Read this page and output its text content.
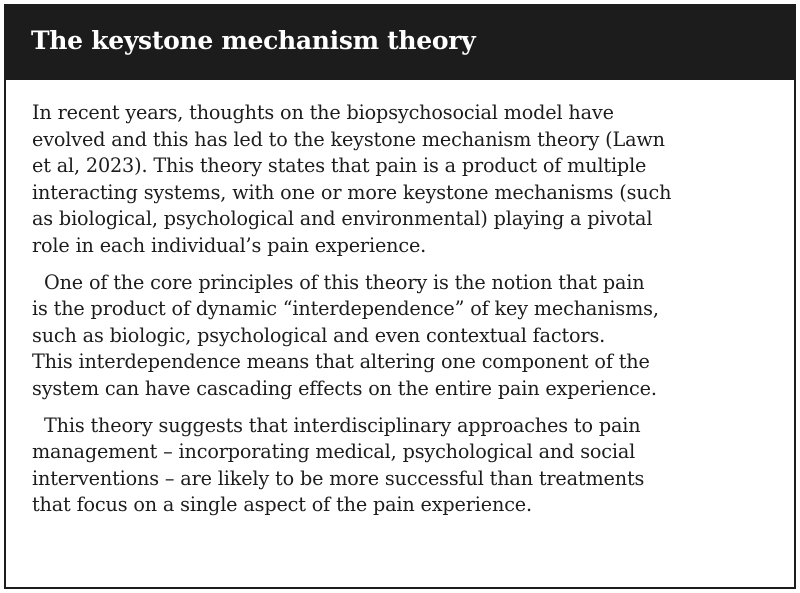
The keystone mechanism theory

In recent years, thoughts on the biopsychosocial model have
evolved and this has led to the keystone mechanism theory (Lawn
et al, 2023). This theory states that pain is a product of multiple
interacting systems, with one or more keystone mechanisms (such
as biological, psychological and environmental) playing a pivotal
role in each individual’s pain experience.

One of the core principles of this theory is the notion that pain
is the product of dynamic “interdependence” of key mechanisms,
such as biologic, psychological and even contextual factors.
This interdependence means that altering one component of the
system can have cascading effects on the entire pain experience.

This theory suggests that interdisciplinary approaches to pain
management – incorporating medical, psychological and social
interventions – are likely to be more successful than treatments
that focus on a single aspect of the pain experience.
